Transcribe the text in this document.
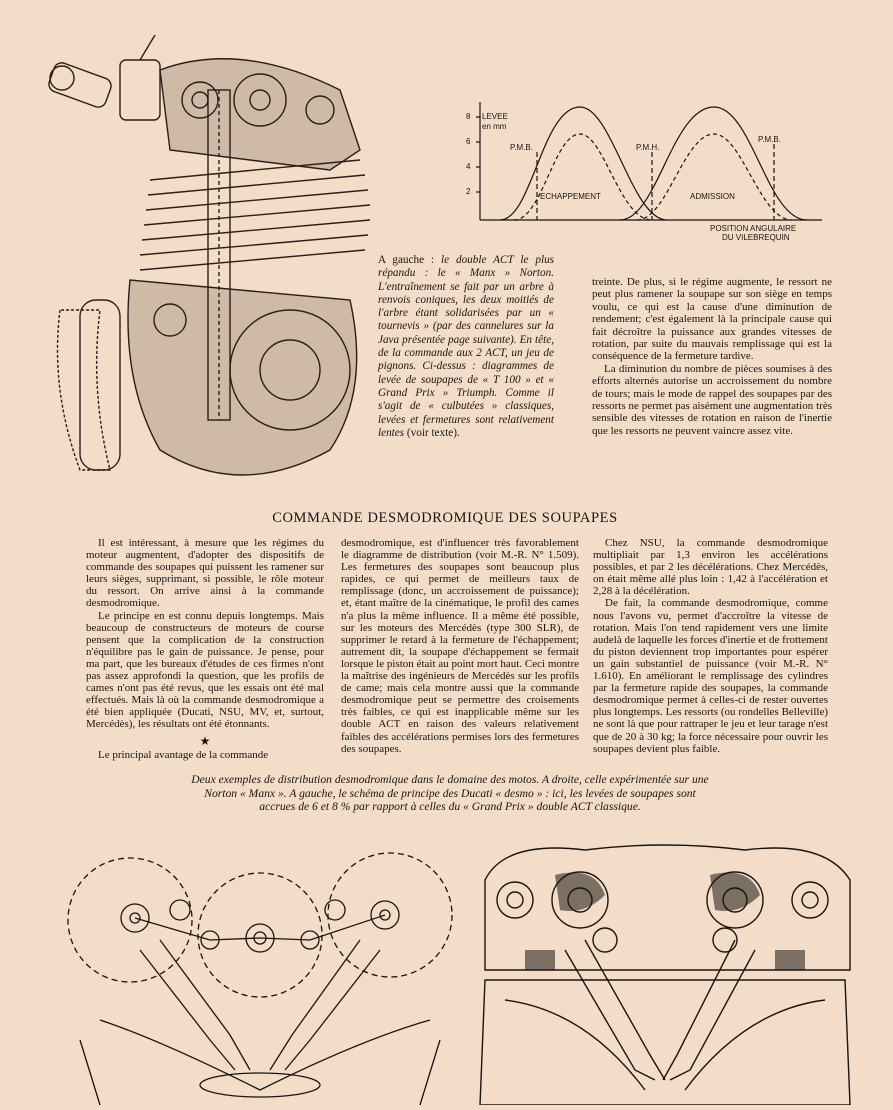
LEVEE
en mm
8
6
4
2
P.M.B.	P.M.H.
P.M.B.
ECHAPPEMENT	ADMISSION
POSITION ANGULAIRE
DU VILEBREQUIN
A gauche : le double ACT le plus répandu : le « Manx » Norton. L'entraînement se fait par un arbre à renvois coniques, les deux moitiés de l'arbre étant solidarisées par un « tournevis » (par des cannelures sur la Java présentée page suivante). En tête, de la commande aux 2 ACT, un jeu de pignons. Ci-dessus : diagrammes de levée de soupapes de « T 100 » et « Grand Prix » Triumph. Comme il s'agit de « culbutées » classiques, levées et fermetures sont relativement lentes (voir texte).

treinte. De plus, si le régime augmente, le ressort ne peut plus ramener la soupape sur son siège en temps voulu, ce qui est la cause d'une diminution de rendement; c'est également là la principale cause qui fait décroître la puissance aux grandes vitesses de rotation, par suite du mauvais remplissage qui est la conséquence de la fermeture tardive.

La diminution du nombre de pièces soumises à des efforts alternés autorise un accroissement du nombre de tours; mais le mode de rappel des soupapes par des ressorts ne permet pas aisément une augmentation très sensible des vitesses de rotation en raison de l'inertie que les ressorts ne peuvent vaincre assez vite.

COMMANDE DESMODROMIQUE DES SOUPAPES

Il est intéressant, à mesure que les régimes du moteur augmentent, d'adopter des dispositifs de commande des soupapes qui puissent les ramener sur leurs sièges, supprimant, si possible, le rôle moteur du ressort. On arrive ainsi à la commande desmodromique.

Le principe en est connu depuis longtemps. Mais beaucoup de constructeurs de moteurs de course pensent que la complication de la construction n'équilibre pas le gain de puissance. Je pense, pour ma part, que les bureaux d'études de ces firmes n'ont pas assez approfondi la question, que les profils de cames n'ont pas été revus, que les essais ont été mal effectués. Mais là où la commande desmodromique a été bien appliquée (Ducati, NSU, MV, et, surtout, Mercédès), les résultats ont été étonnants.

★

Le principal avantage de la commande

desmodromique, est d'influencer très favorablement le diagramme de distribution (voir M.-R. N° 1.509). Les fermetures des soupapes sont beaucoup plus rapides, ce qui permet de meilleurs taux de remplissage (donc, un accroissement de puissance); et, étant maître de la cinématique, le profil des cames n'a plus la même influence. Il a même été possible, sur les moteurs des Mercédès (type 300 SLR), de supprimer le retard à la fermeture de l'échappement; autrement dit, la soupape d'échappement se fermait lorsque le piston était au point mort haut. Ceci montre la maîtrise des ingénieurs de Mercédès sur les profils de came; mais cela montre aussi que la commande desmodromique peut se permettre des croisements très faibles, ce qui est inapplicable même sur les double ACT en raison des valeurs relativement faibles des accélérations permises lors des fermetures des soupapes.

Chez NSU, la commande desmodromique multipliait par 1,3 environ les accélérations possibles, et par 2 les décélérations. Chez Mercédès, on était même allé plus loin : 1,42 à l'accélération et 2,28 à la décélération.

De fait, la commande desmodromique, comme nous l'avons vu, permet d'accroître la vitesse de rotation. Mais l'on tend rapidement vers une limite audelà de laquelle les forces d'inertie et de frottement du piston deviennent trop importantes pour espérer un gain substantiel de puissance (voir M.-R. N° 1.610). En améliorant le remplissage des cylindres par la fermeture rapide des soupapes, la commande desmodromique permet à celles-ci de rester ouvertes plus longtemps. Les ressorts (ou rondelles Belleville) ne sont là que pour rattraper le jeu et leur tarage n'est que de 20 à 30 kg; la force nécessaire pour ouvrir les soupapes devient plus faible.

Deux exemples de distribution desmodromique dans le domaine des motos. A droite, celle expérimentée sur une Norton « Manx ». A gauche, le schéma de principe des Ducati « desmo » : ici, les levées de soupapes sont accrues de 6 et 8 % par rapport à celles du « Grand Prix » double ACT classique.
